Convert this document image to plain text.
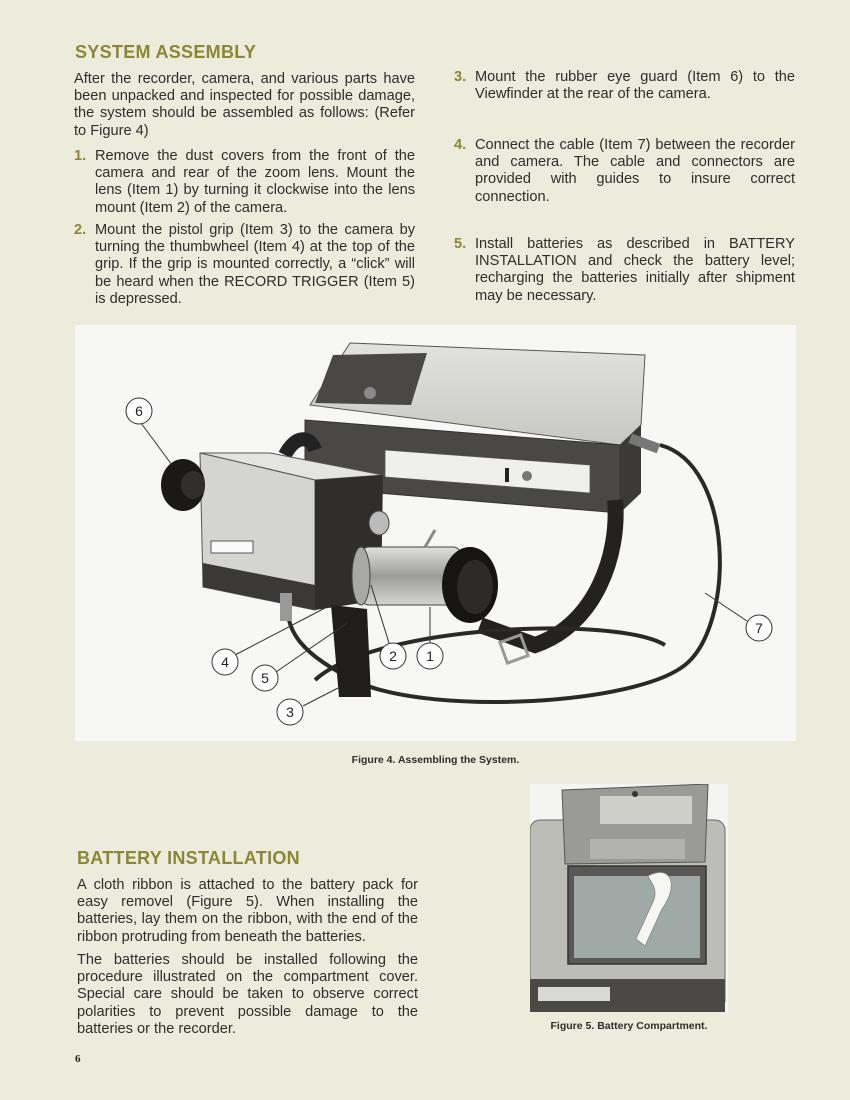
SYSTEM ASSEMBLY

After the recorder, camera, and various parts have been unpacked and inspected for possible damage, the system should be assembled as follows: (Refer to Figure 4)

1. Remove the dust covers from the front of the camera and rear of the zoom lens. Mount the lens (Item 1) by turning it clockwise into the lens mount (Item 2) of the camera.
2. Mount the pistol grip (Item 3) to the camera by turning the thumbwheel (Item 4) at the top of the grip. If the grip is mounted correctly, a “click” will be heard when the RECORD TRIGGER (Item 5) is depressed.
3. Mount the rubber eye guard (Item 6) to the Viewfinder at the rear of the camera.
4. Connect the cable (Item 7) between the recorder and camera. The cable and connectors are provided with guides to insure correct connection.
5. Install batteries as described in BATTERY INSTALLATION and check the battery level; recharging the batteries initially after shipment may be necessary.
6
7
4
5
3
2 1

Figure 4. Assembling the System.

BATTERY INSTALLATION

A cloth ribbon is attached to the battery pack for easy removel (Figure 5). When installing the batteries, lay them on the ribbon, with the end of the ribbon protruding from beneath the batteries.

The batteries should be installed following the procedure illustrated on the compartment cover. Special care should be taken to observe correct polarities to prevent possible damage to the batteries or the recorder.	Figure 5. Battery Compartment.

6
